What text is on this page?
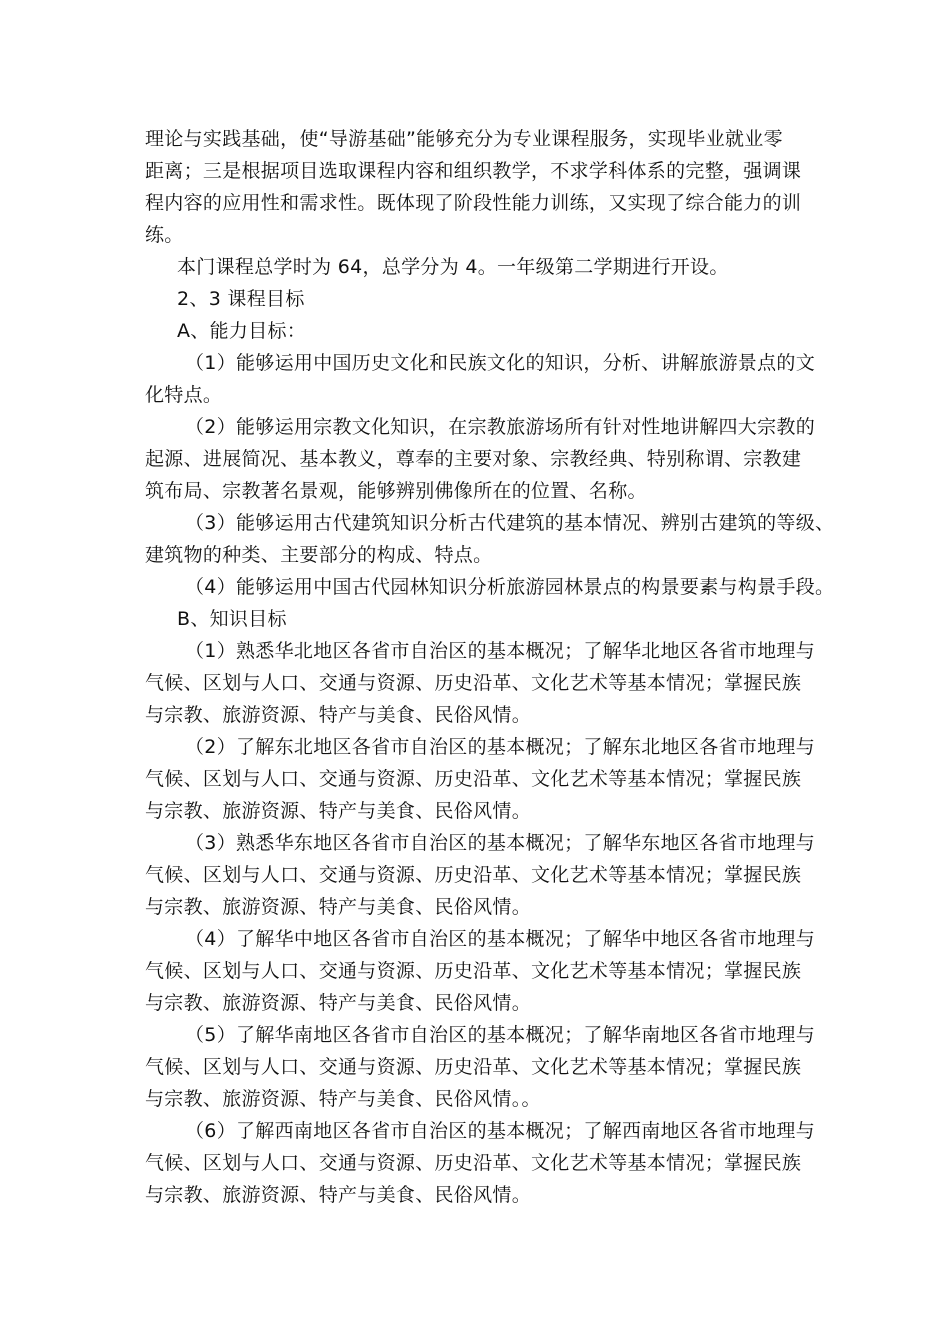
理论与实践基础，使“导游基础”能够充分为专业课程服务，实现毕业就业零
距离；三是根据项目选取课程内容和组织教学，不求学科体系的完整，强调课
程内容的应用性和需求性。既体现了阶段性能力训练，又实现了综合能力的训
练。
本门课程总学时为 64，总学分为 4。一年级第二学期进行开设。
2、3 课程目标
A、能力目标：
（1）能够运用中国历史文化和民族文化的知识，分析、讲解旅游景点的文
化特点。
（2）能够运用宗教文化知识，在宗教旅游场所有针对性地讲解四大宗教的
起源、进展简况、基本教义，尊奉的主要对象、宗教经典、特别称谓、宗教建
筑布局、宗教著名景观，能够辨别佛像所在的位置、名称。
（3）能够运用古代建筑知识分析古代建筑的基本情况、辨别古建筑的等级、
建筑物的种类、主要部分的构成、特点。
（4）能够运用中国古代园林知识分析旅游园林景点的构景要素与构景手段。
B、知识目标
（1）熟悉华北地区各省市自治区的基本概况；了解华北地区各省市地理与
气候、区划与人口、交通与资源、历史沿革、文化艺术等基本情况；掌握民族
与宗教、旅游资源、特产与美食、民俗风情。
（2）了解东北地区各省市自治区的基本概况；了解东北地区各省市地理与
气候、区划与人口、交通与资源、历史沿革、文化艺术等基本情况；掌握民族
与宗教、旅游资源、特产与美食、民俗风情。
（3）熟悉华东地区各省市自治区的基本概况；了解华东地区各省市地理与
气候、区划与人口、交通与资源、历史沿革、文化艺术等基本情况；掌握民族
与宗教、旅游资源、特产与美食、民俗风情。
（4）了解华中地区各省市自治区的基本概况；了解华中地区各省市地理与
气候、区划与人口、交通与资源、历史沿革、文化艺术等基本情况；掌握民族
与宗教、旅游资源、特产与美食、民俗风情。
（5）了解华南地区各省市自治区的基本概况；了解华南地区各省市地理与
气候、区划与人口、交通与资源、历史沿革、文化艺术等基本情况；掌握民族
与宗教、旅游资源、特产与美食、民俗风情。。
（6）了解西南地区各省市自治区的基本概况；了解西南地区各省市地理与
气候、区划与人口、交通与资源、历史沿革、文化艺术等基本情况；掌握民族
与宗教、旅游资源、特产与美食、民俗风情。
